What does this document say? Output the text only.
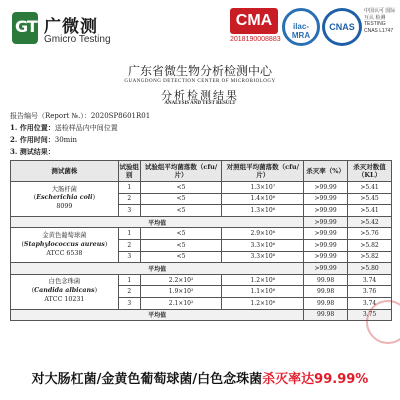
GT 广微测
Gmicro Testing
CMA
2018190008883
ilac-MRA
CNAS
中国认可 国际互认 检测 TESTING CNAS L1747
广东省微生物分析检测中心
GUANGDONG DETECTION CENTER OF MICROBIOLOGY
分析检测结果
ANALYSIS AND TEST RESULT
报告编号（Report №.）：2020SP8601R01
1. 作用位置：送检样品内中间位置
2. 作用时间：30min
3. 测试结果：
测试菌株	试验组别	试验组平均菌落数（cfu/片）	对照组平均菌落数（cfu/片）	杀灭率（%）	杀灭对数值（KL）

大肠杆菌
(Escherichia coli)
8099	1	<5	1.3×10⁷	>99.99	>5.41
	2	<5	1.4×10⁶	>99.99	>5.45
	3	<5	1.3×10⁶	>99.99	>5.41
平均值				>99.99	>5.42

金黄色葡萄球菌
(Staphylococcus aureus)
ATCC 6538	1	<5	2.9×10⁶	>99.99	>5.76
	2	<5	3.3×10⁶	>99.99	>5.82
	3	<5	3.3×10⁶	>99.99	>5.82
平均值				>99.99	>5.80

白色念珠菌
(Candida albicans)
ATCC 10231	1	2.2×10²	1.2×10⁶	99.98	3.74
	2	1.9×10²	1.1×10⁶	99.98	3.76
	3	2.1×10²	1.2×10⁶	99.98	3.74
平均值				99.98	3.75
对大肠杠菌/金黄色葡萄球菌/白色念珠菌杀灭率达99.99%
